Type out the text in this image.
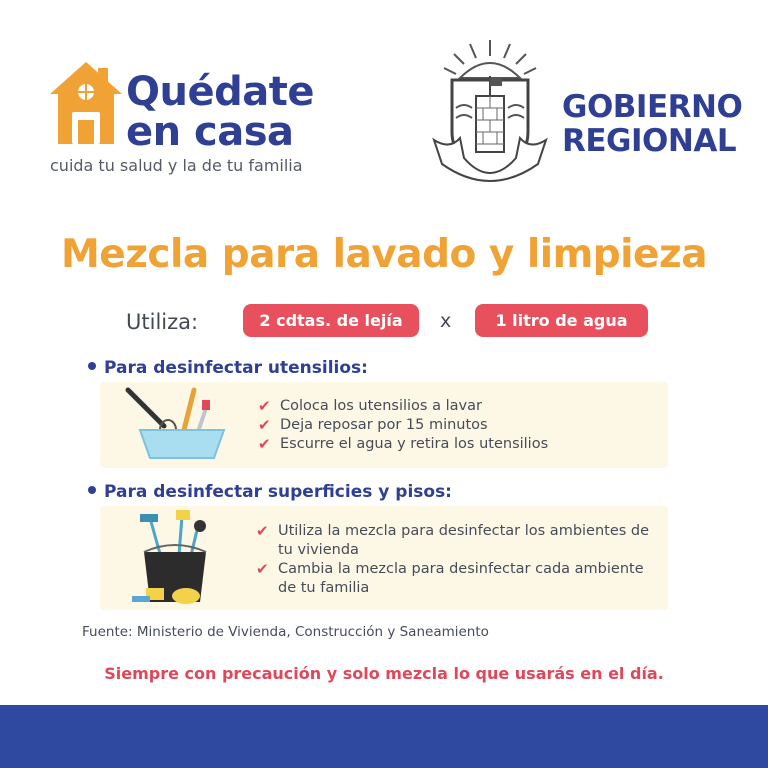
Quédate
en casa
cuida tu salud y la de tu familia
GOBIERNO
REGIONAL
Mezcla para lavado y limpieza
Utiliza:	2 cdtas. de lejía	x	1 litro de agua
Para desinfectar utensilios:
✔ Coloca los utensilios a lavar
✔ Deja reposar por 15 minutos
✔ Escurre el agua y retira los utensilios
Para desinfectar superficies y pisos:
✔ Utiliza la mezcla para desinfectar los ambientes de tu vivienda
✔ Cambia la mezcla para desinfectar cada ambiente de tu familia
Fuente: Ministerio de Vivienda, Construcción y Saneamiento
Siempre con precaución y solo mezcla lo que usarás en el día.
